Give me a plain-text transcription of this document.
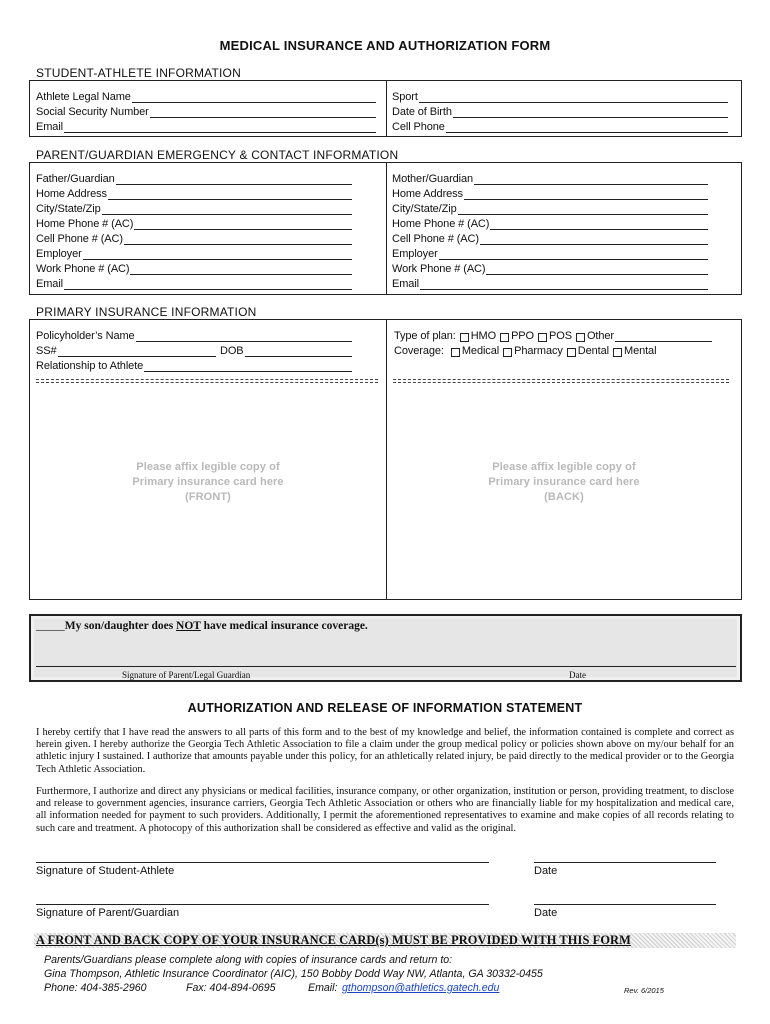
MEDICAL INSURANCE AND AUTHORIZATION FORM
STUDENT-ATHLETE INFORMATION
Athlete Legal Name
Social Security Number
Email
Sport
Date of Birth
Cell Phone
PARENT/GUARDIAN EMERGENCY & CONTACT INFORMATION
Father/Guardian
Home Address
City/State/Zip
Home Phone # (AC)
Cell Phone # (AC)
Employer
Work Phone # (AC)
Email
Mother/Guardian
Home Address
City/State/Zip
Home Phone # (AC)
Cell Phone # (AC)
Employer
Work Phone # (AC)
Email
PRIMARY INSURANCE INFORMATION
Policyholder’s Name
SS#	DOB
Relationship to Athlete
Type of plan: HMO PPO POS Other
Coverage: Medical Pharmacy Dental Mental
Please affix legible copy of
Primary insurance card here
(FRONT)
Please affix legible copy of
Primary insurance card here
(BACK)
_____My son/daughter does NOT have medical insurance coverage.
Signature of Parent/Legal Guardian	Date
AUTHORIZATION AND RELEASE OF INFORMATION STATEMENT
I hereby certify that I have read the answers to all parts of this form and to the best of my knowledge and belief, the information contained is complete and correct as herein given. I hereby authorize the Georgia Tech Athletic Association to file a claim under the group medical policy or policies shown above on my/our behalf for an athletic injury I sustained. I authorize that amounts payable under this policy, for an athletically related injury, be paid directly to the medical provider or to the Georgia Tech Athletic Association.
Furthermore, I authorize and direct any physicians or medical facilities, insurance company, or other organization, institution or person, providing treatment, to disclose and release to government agencies, insurance carriers, Georgia Tech Athletic Association or others who are financially liable for my hospitalization and medical care, all information needed for payment to such providers. Additionally, I permit the aforementioned representatives to examine and make copies of all records relating to such care and treatment. A photocopy of this authorization shall be considered as effective and valid as the original.
Signature of Student-Athlete	Date
Signature of Parent/Guardian	Date
A FRONT AND BACK COPY OF YOUR INSURANCE CARD(s) MUST BE PROVIDED WITH THIS FORM
Parents/Guardians please complete along with copies of insurance cards and return to:
Gina Thompson, Athletic Insurance Coordinator (AIC), 150 Bobby Dodd Way NW, Atlanta, GA 30332-0455
Phone: 404-385-2960	Fax: 404-894-0695	Email: gthompson@athletics.gatech.edu	Rev. 6/2015
